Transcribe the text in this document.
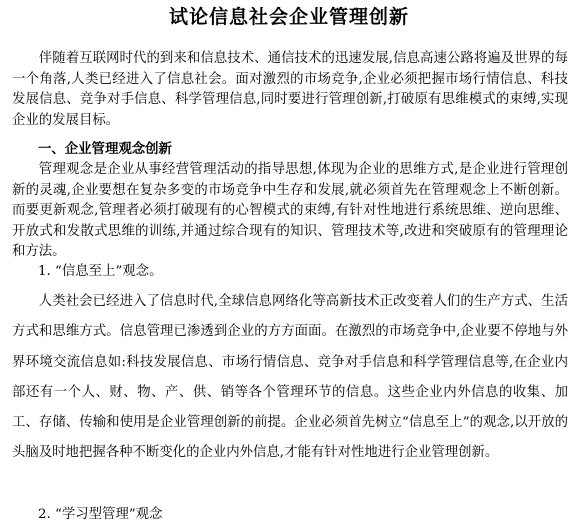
试论信息社会企业管理创新

伴随着互联网时代的到来和信息技术、通信技术的迅速发展,信息高速公路将遍及世界的每一个角落,人类已经进入了信息社会。面对激烈的市场竞争,企业必须把握市场行情信息、科技发展信息、竞争对手信息、科学管理信息,同时要进行管理创新,打破原有思维模式的束缚,实现企业的发展目标。

一、企业管理观念创新

管理观念是企业从事经营管理活动的指导思想,体现为企业的思维方式,是企业进行管理创新的灵魂,企业要想在复杂多变的市场竞争中生存和发展,就必须首先在管理观念上不断创新。而要更新观念,管理者必须打破现有的心智模式的束缚,有针对性地进行系统思维、逆向思维、开放式和发散式思维的训练,并通过综合现有的知识、管理技术等,改进和突破原有的管理理论和方法。

1. “信息至上”观念。

人类社会已经进入了信息时代,全球信息网络化等高新技术正改变着人们的生产方式、生活方式和思维方式。信息管理已渗透到企业的方方面面。在激烈的市场竞争中,企业要不停地与外界环境交流信息如:科技发展信息、市场行情信息、竞争对手信息和科学管理信息等,在企业内部还有一个人、财、物、产、供、销等各个管理环节的信息。这些企业内外信息的收集、加工、存储、传输和使用是企业管理创新的前提。企业必须首先树立“信息至上”的观念,以开放的头脑及时地把握各种不断变化的企业内外信息,才能有针对性地进行企业管理创新。

2. “学习型管理”观念
